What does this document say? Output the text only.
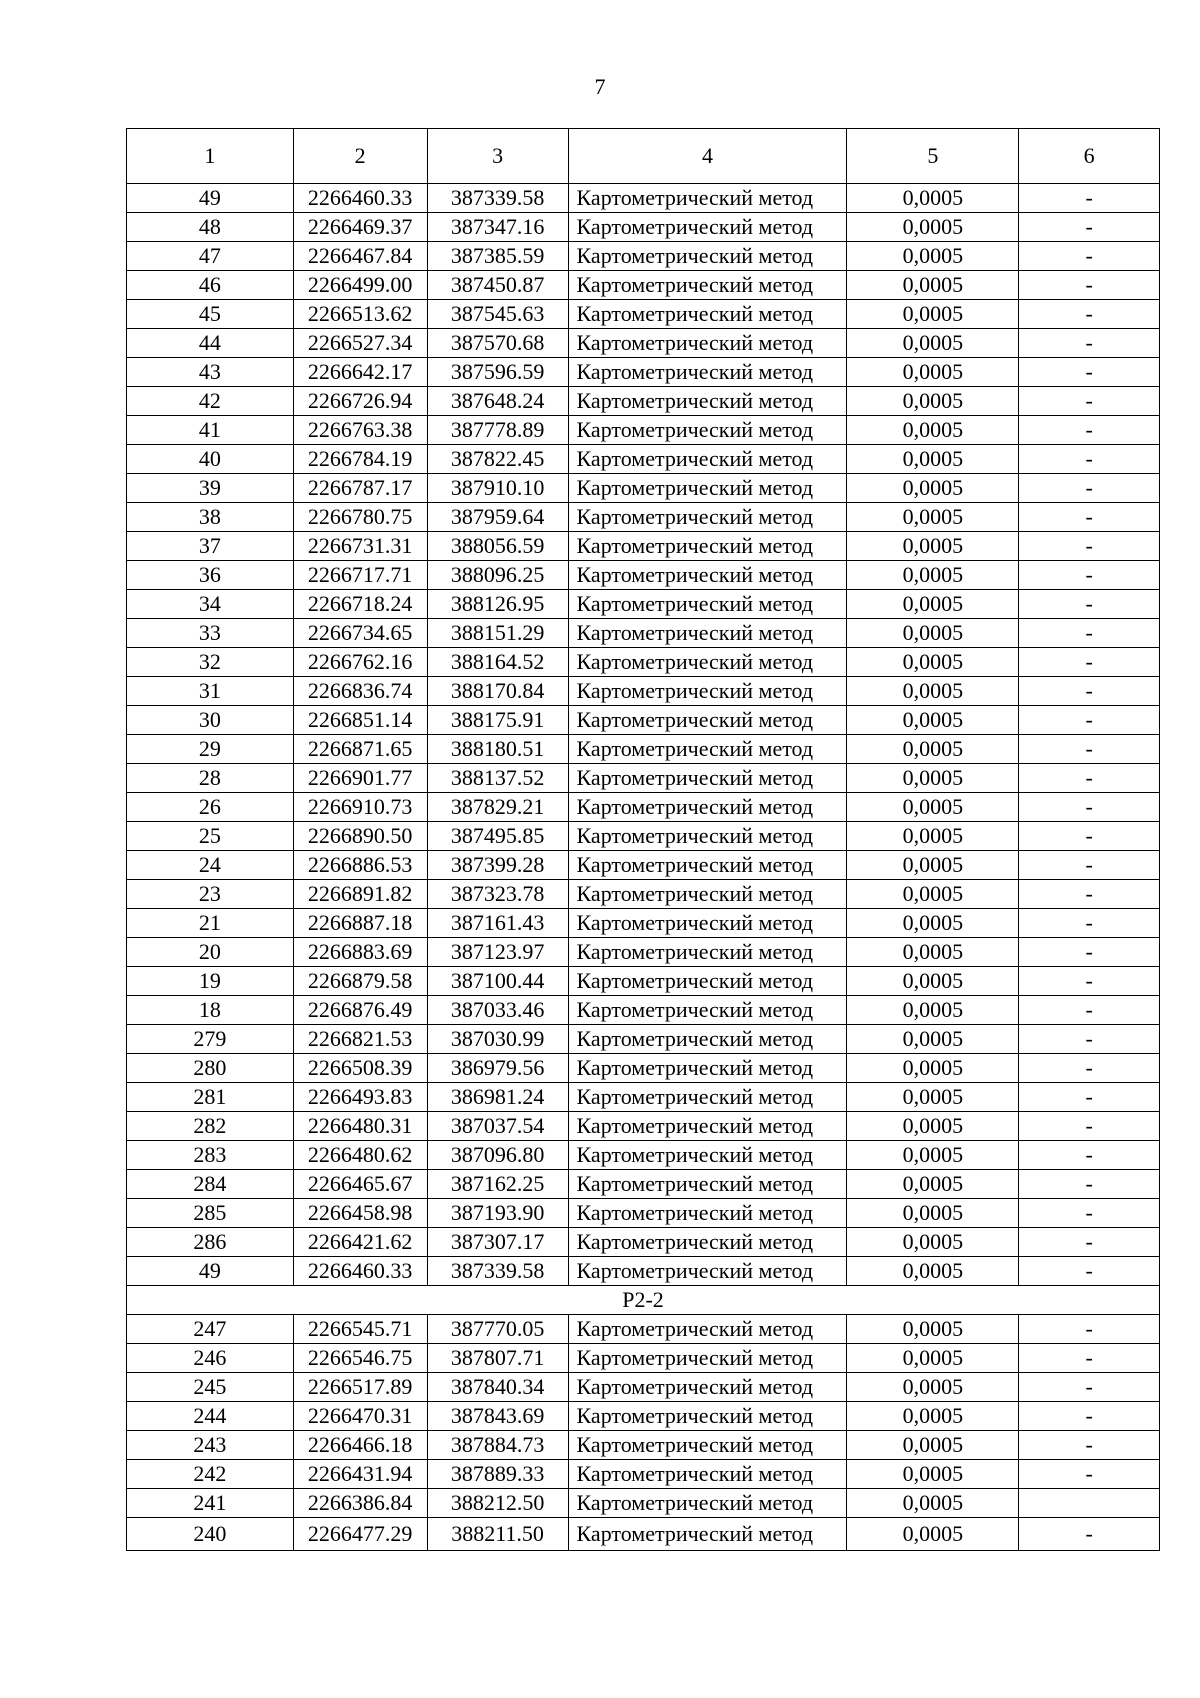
7
1	2	3	4	5	6
49	2266460.33	387339.58	Картометрический метод	0,0005	-
48	2266469.37	387347.16	Картометрический метод	0,0005	-
47	2266467.84	387385.59	Картометрический метод	0,0005	-
46	2266499.00	387450.87	Картометрический метод	0,0005	-
45	2266513.62	387545.63	Картометрический метод	0,0005	-
44	2266527.34	387570.68	Картометрический метод	0,0005	-
43	2266642.17	387596.59	Картометрический метод	0,0005	-
42	2266726.94	387648.24	Картометрический метод	0,0005	-
41	2266763.38	387778.89	Картометрический метод	0,0005	-
40	2266784.19	387822.45	Картометрический метод	0,0005	-
39	2266787.17	387910.10	Картометрический метод	0,0005	-
38	2266780.75	387959.64	Картометрический метод	0,0005	-
37	2266731.31	388056.59	Картометрический метод	0,0005	-
36	2266717.71	388096.25	Картометрический метод	0,0005	-
34	2266718.24	388126.95	Картометрический метод	0,0005	-
33	2266734.65	388151.29	Картометрический метод	0,0005	-
32	2266762.16	388164.52	Картометрический метод	0,0005	-
31	2266836.74	388170.84	Картометрический метод	0,0005	-
30	2266851.14	388175.91	Картометрический метод	0,0005	-
29	2266871.65	388180.51	Картометрический метод	0,0005	-
28	2266901.77	388137.52	Картометрический метод	0,0005	-
26	2266910.73	387829.21	Картометрический метод	0,0005	-
25	2266890.50	387495.85	Картометрический метод	0,0005	-
24	2266886.53	387399.28	Картометрический метод	0,0005	-
23	2266891.82	387323.78	Картометрический метод	0,0005	-
21	2266887.18	387161.43	Картометрический метод	0,0005	-
20	2266883.69	387123.97	Картометрический метод	0,0005	-
19	2266879.58	387100.44	Картометрический метод	0,0005	-
18	2266876.49	387033.46	Картометрический метод	0,0005	-
279	2266821.53	387030.99	Картометрический метод	0,0005	-
280	2266508.39	386979.56	Картометрический метод	0,0005	-
281	2266493.83	386981.24	Картометрический метод	0,0005	-
282	2266480.31	387037.54	Картометрический метод	0,0005	-
283	2266480.62	387096.80	Картометрический метод	0,0005	-
284	2266465.67	387162.25	Картометрический метод	0,0005	-
285	2266458.98	387193.90	Картометрический метод	0,0005	-
286	2266421.62	387307.17	Картометрический метод	0,0005	-
49	2266460.33	387339.58	Картометрический метод	0,0005	-
Р2-2					
247	2266545.71	387770.05	Картометрический метод	0,0005	-
246	2266546.75	387807.71	Картометрический метод	0,0005	-
245	2266517.89	387840.34	Картометрический метод	0,0005	-
244	2266470.31	387843.69	Картометрический метод	0,0005	-
243	2266466.18	387884.73	Картометрический метод	0,0005	-
242	2266431.94	387889.33	Картометрический метод	0,0005	-
241	2266386.84	388212.50	Картометрический метод	0,0005	
240	2266477.29	388211.50	Картометрический метод	0,0005	-
